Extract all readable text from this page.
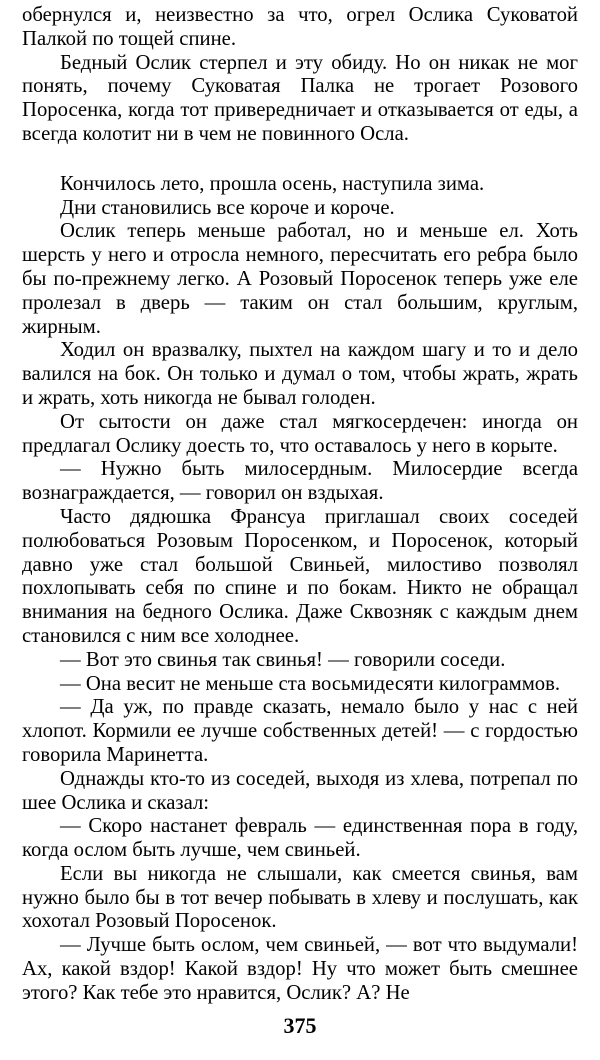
обернулся и, неизвестно за что, огрел Ослика Суковатой Палкой по тощей спине.

Бедный Ослик стерпел и эту обиду. Но он никак не мог понять, почему Суковатая Палка не трогает Розового Поросенка, когда тот привередничает и отказывается от еды, а всегда колотит ни в чем не повинного Осла.

Кончилось лето, прошла осень, наступила зима.

Дни становились все короче и короче.

Ослик теперь меньше работал, но и меньше ел. Хоть шерсть у него и отросла немного, пересчитать его ребра было бы по-прежнему легко. А Розовый Поросенок теперь уже еле пролезал в дверь — таким он стал большим, круглым, жирным.

Ходил он вразвалку, пыхтел на каждом шагу и то и дело валился на бок. Он только и думал о том, чтобы жрать, жрать и жрать, хоть никогда не бывал голоден.

От сытости он даже стал мягкосердечен: иногда он предлагал Ослику доесть то, что оставалось у него в корыте.

— Нужно быть милосердным. Милосердие всегда вознаграждается, — говорил он вздыхая.

Часто дядюшка Франсуа приглашал своих соседей полюбоваться Розовым Поросенком, и Поросенок, который давно уже стал большой Свиньей, милостиво позволял похлопывать себя по спине и по бокам. Никто не обращал внимания на бедного Ослика. Даже Сквозняк с каждым днем становился с ним все холоднее.

— Вот это свинья так свинья! — говорили соседи.

— Она весит не меньше ста восьмидесяти килограммов.

— Да уж, по правде сказать, немало было у нас с ней хлопот. Кормили ее лучше собственных детей! — с гордостью говорила Маринетта.

Однажды кто-то из соседей, выходя из хлева, потрепал по шее Ослика и сказал:

— Скоро настанет февраль — единственная пора в году, когда ослом быть лучше, чем свиньей.

Если вы никогда не слышали, как смеется свинья, вам нужно было бы в тот вечер побывать в хлеву и послушать, как хохотал Розовый Поросенок.

— Лучше быть ослом, чем свиньей, — вот что выдумали! Ах, какой вздор! Какой вздор! Ну что может быть смешнее этого? Как тебе это нравится, Ослик? А? Не

375
